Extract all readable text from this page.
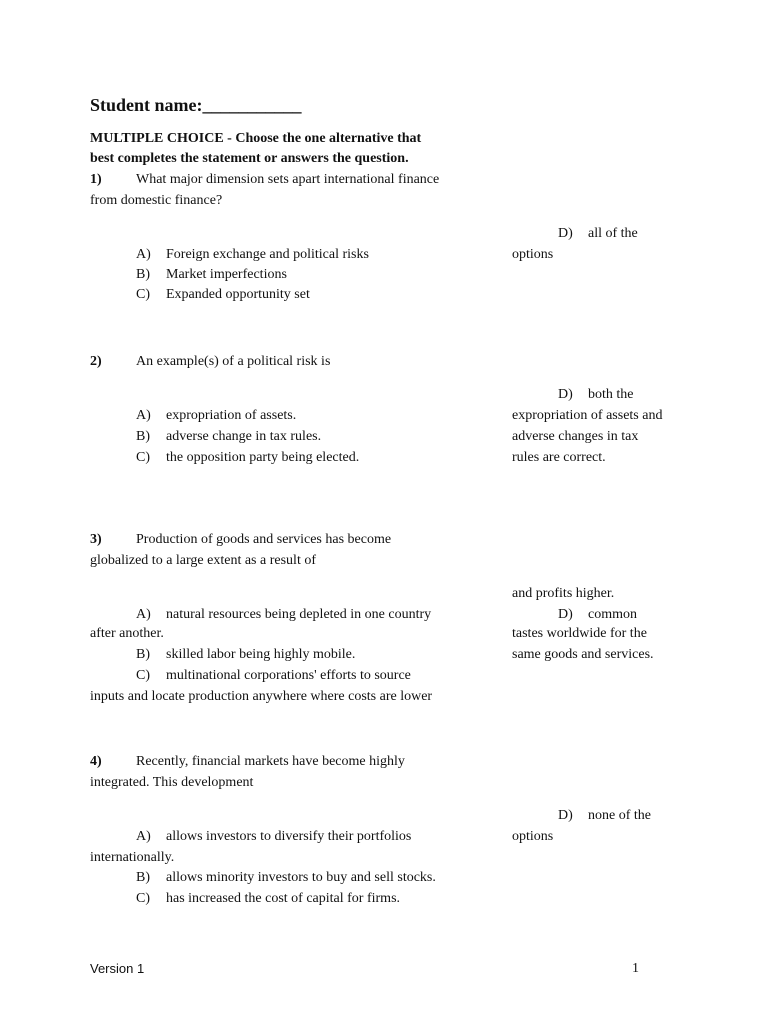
Student name:___________
MULTIPLE CHOICE - Choose the one alternative that
best completes the statement or answers the question.
1) What major dimension sets apart international finance
from domestic finance?
D) all of the
options
A) Foreign exchange and political risks
B) Market imperfections
C) Expanded opportunity set
2) An example(s) of a political risk is
D) both the
expropriation of assets and
adverse changes in tax
rules are correct.
A) expropriation of assets.
B) adverse change in tax rules.
C) the opposition party being elected.
3) Production of goods and services has become
globalized to a large extent as a result of
and profits higher.
D) common
tastes worldwide for the
same goods and services.
A) natural resources being depleted in one country
after another.
B) skilled labor being highly mobile.
C) multinational corporations' efforts to source
inputs and locate production anywhere where costs are lower
4) Recently, financial markets have become highly
integrated. This development
D) none of the
options
A) allows investors to diversify their portfolios
internationally.
B) allows minority investors to buy and sell stocks.
C) has increased the cost of capital for firms.
Version 1	1
